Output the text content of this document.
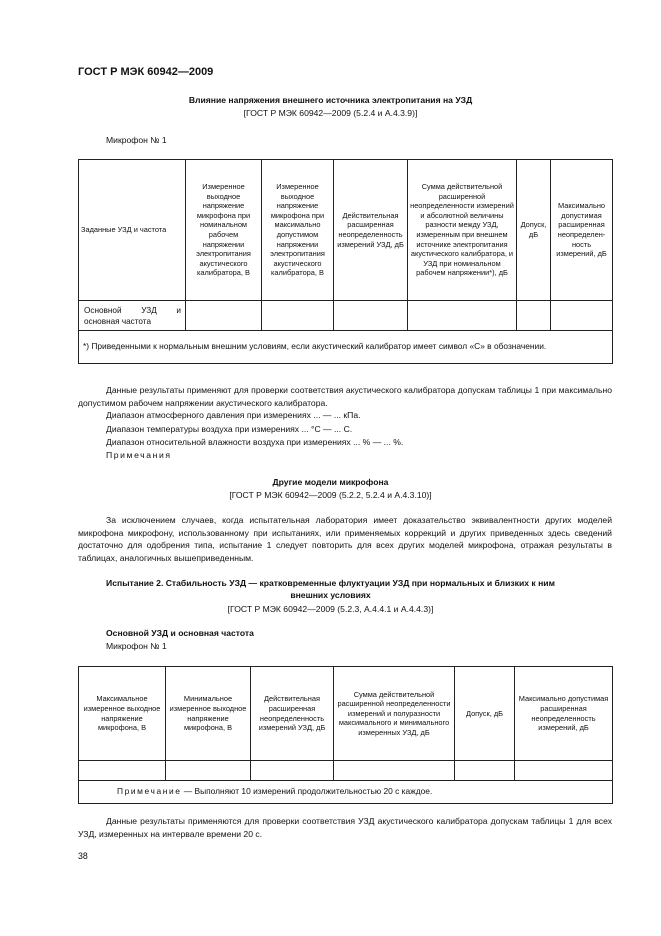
ГОСТ Р МЭК 60942—2009
Влияние напряжения внешнего источника электропитания на УЗД
[ГОСТ Р МЭК 60942—2009 (5.2.4 и А.4.3.9)]
Микрофон № 1
Заданные УЗД и частота	Измеренное выходное напряжение микрофона при номинальном рабочем напряжении электропитания акустического калибратора, В	Измеренное выходное напряжение микрофона при максимально допустимом напряжении электропитания акустического калибратора, В	Действительная расширенная неопределенность измерений УЗД, дБ	Сумма действительной расширенной неопределенности измерений и абсолютной величины разности между УЗД, измеренным при внешнем источнике электропитания акустического калибратора, и УЗД при номинальном рабочем напряжении*), дБ	Допуск, дБ	Максимально допустимая расширенная неопределен-ность измерений, дБ
Основной УЗД и основная частота						
*) Приведенными к нормальным внешним условиям, если акустический калибратор имеет символ «С» в обозначении.						
Данные результаты применяют для проверки соответствия акустического калибратора допускам таблицы 1 при максимально допустимом рабочем напряжении акустического калибратора.
Диапазон атмосферного давления при измерениях ... — ... кПа.
Диапазон температуры воздуха при измерениях ... °С — ... С.
Диапазон относительной влажности воздуха при измерениях ... % — ... %.
Примечания
Другие модели микрофона
[ГОСТ Р МЭК 60942—2009 (5.2.2, 5.2.4 и А.4.3.10)]
За исключением случаев, когда испытательная лаборатория имеет доказательство эквивалентности других моделей микрофона микрофону, использованному при испытаниях, или применяемых коррекций и других приведенных здесь сведений достаточно для одобрения типа, испытание 1 следует повторить для всех других моделей микрофона, отражая результаты в таблицах, аналогичных вышеприведенным.
Испытание 2. Стабильность УЗД — кратковременные флуктуации УЗД при нормальных и близких к ним
внешних условиях
[ГОСТ Р МЭК 60942—2009 (5.2.3, А.4.4.1 и А.4.4.3)]
Основной УЗД и основная частота
Микрофон № 1
Максимальное измеренное выходное напряжение микрофона, В	Минимальное измеренное выходное напряжение микрофона, В	Действительная расширенная неопределенность измерений УЗД, дБ	Сумма действительной расширенной неопределенности измерений и полуразности максимального и минимального измеренных УЗД, дБ	Допуск, дБ	Максимально допустимая расширенная неопределенность измерений, дБ

Примечание — Выполняют 10 измерений продолжительностью 20 с каждое.					
Данные результаты применяются для проверки соответствия УЗД акустического калибратора допускам таблицы 1 для всех УЗД, измеренных на интервале времени 20 с.
38
